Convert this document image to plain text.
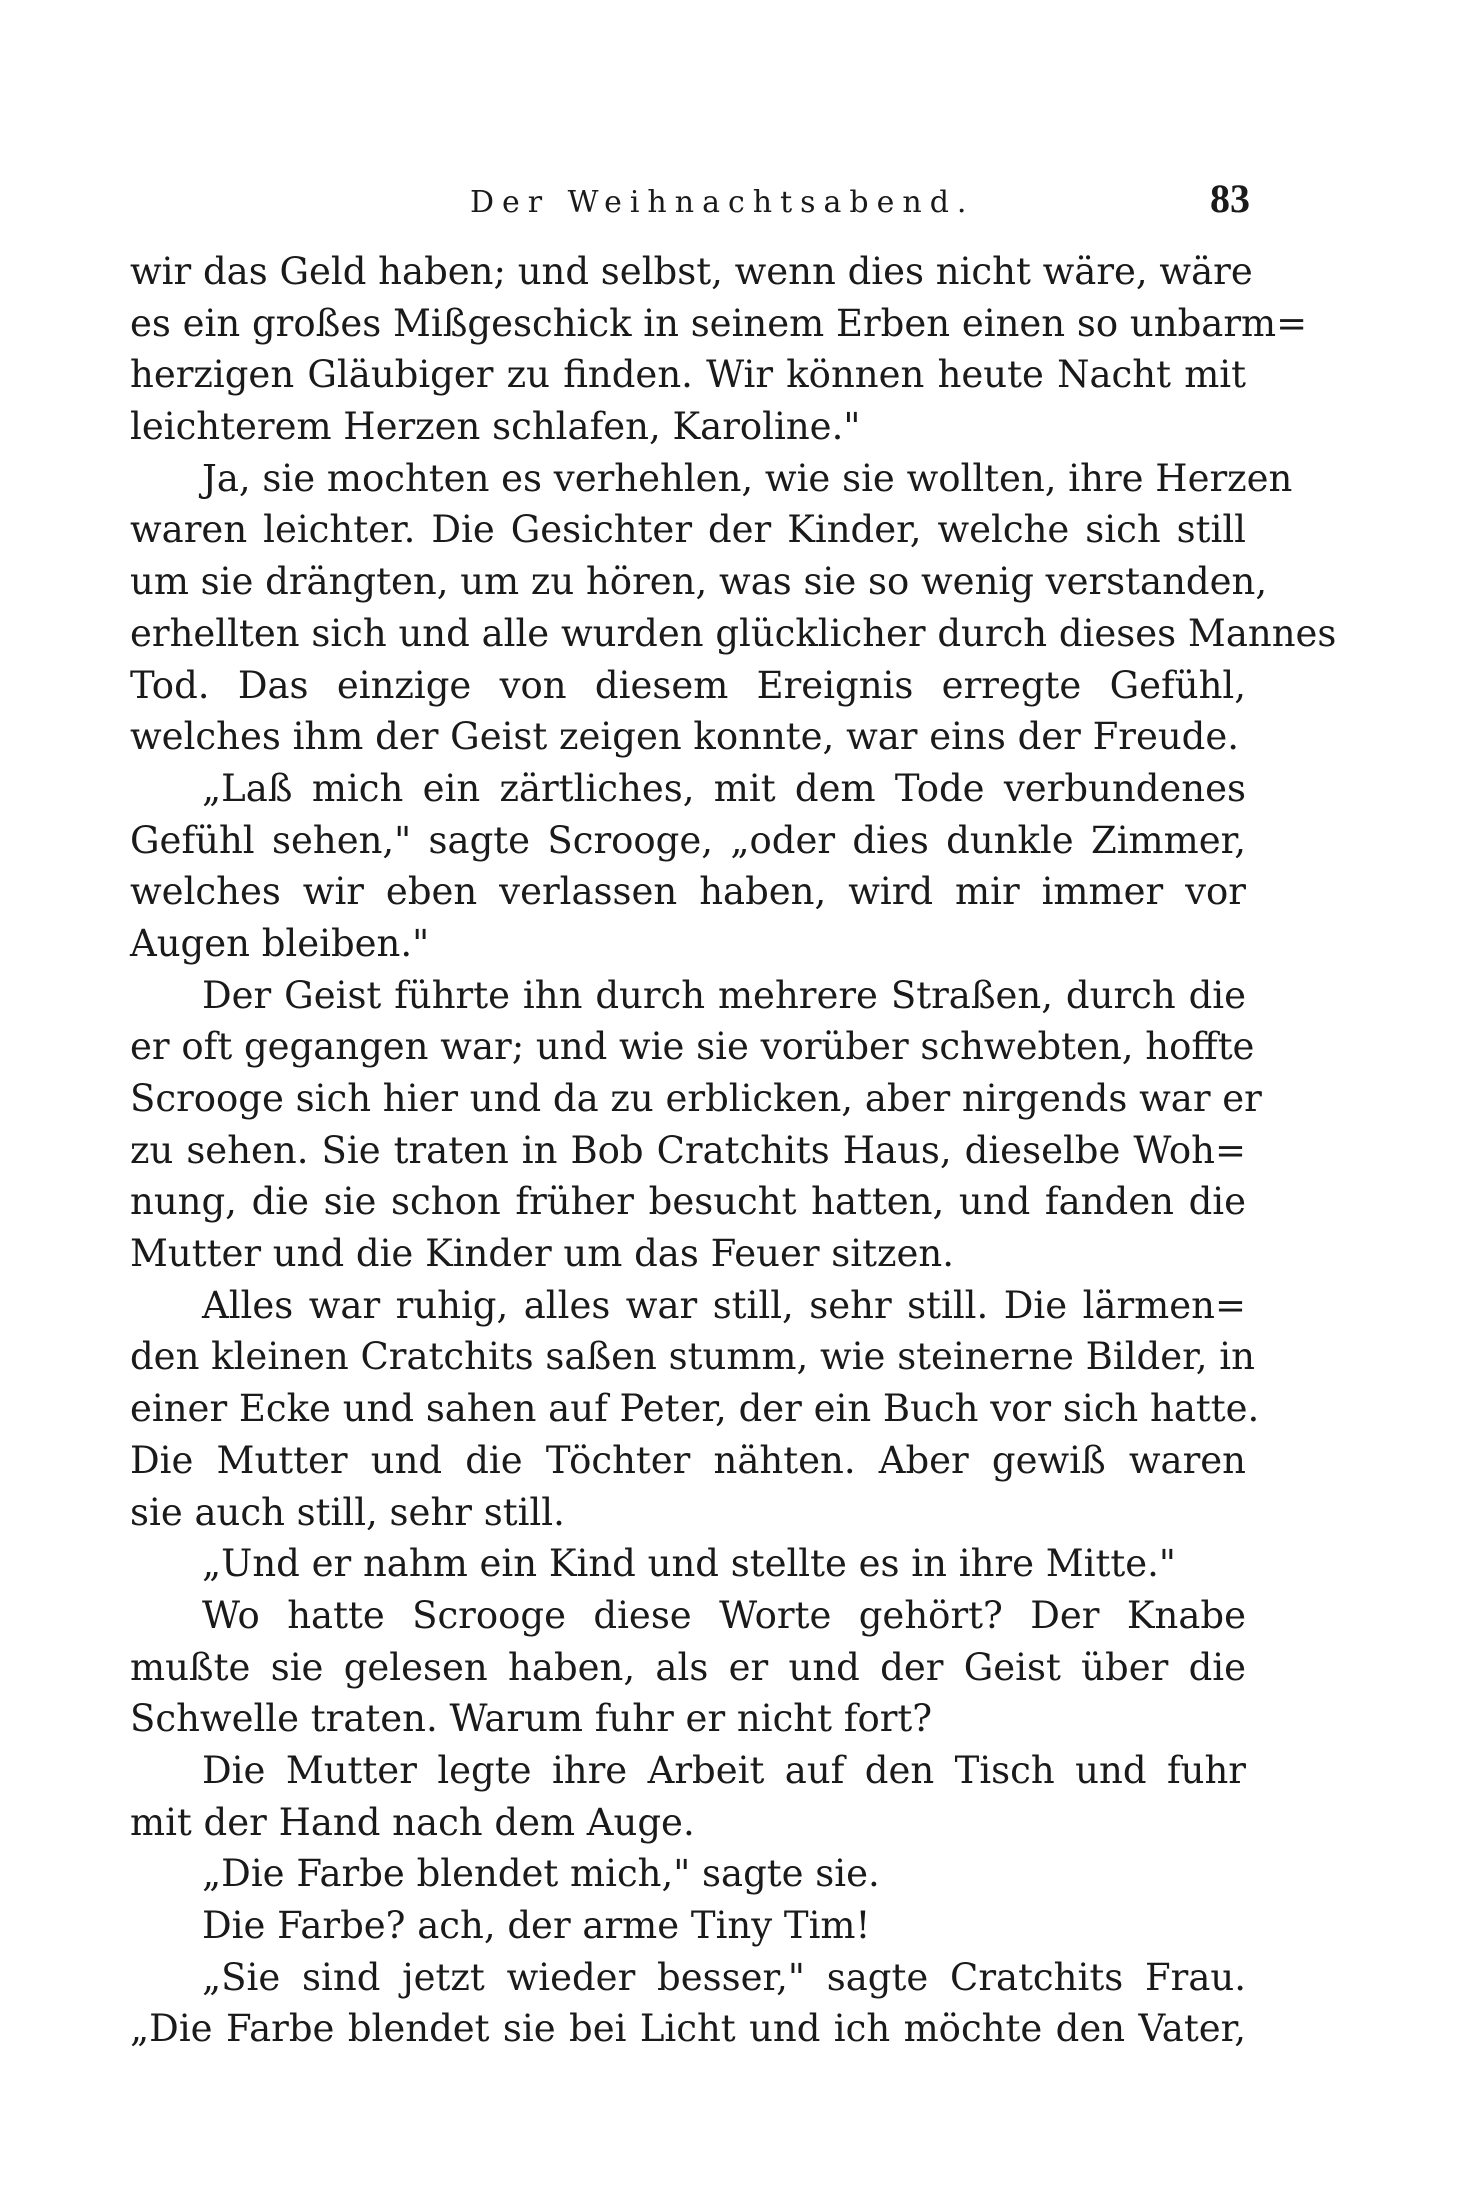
Der Weihnachtsabend.	83
wir das Geld haben; und selbst, wenn dies nicht wäre, wäre
es ein großes Mißgeschick in seinem Erben einen so unbarm=
herzigen Gläubiger zu finden. Wir können heute Nacht mit
leichterem Herzen schlafen, Karoline."
Ja, sie mochten es verhehlen, wie sie wollten, ihre Herzen
waren leichter. Die Gesichter der Kinder, welche sich still
um sie drängten, um zu hören, was sie so wenig verstanden,
erhellten sich und alle wurden glücklicher durch dieses Mannes
Tod. Das einzige von diesem Ereignis erregte Gefühl,
welches ihm der Geist zeigen konnte, war eins der Freude.
„Laß mich ein zärtliches, mit dem Tode verbundenes
Gefühl sehen," sagte Scrooge, „oder dies dunkle Zimmer,
welches wir eben verlassen haben, wird mir immer vor
Augen bleiben."
Der Geist führte ihn durch mehrere Straßen, durch die
er oft gegangen war; und wie sie vorüber schwebten, hoffte
Scrooge sich hier und da zu erblicken, aber nirgends war er
zu sehen. Sie traten in Bob Cratchits Haus, dieselbe Woh=
nung, die sie schon früher besucht hatten, und fanden die
Mutter und die Kinder um das Feuer sitzen.
Alles war ruhig, alles war still, sehr still. Die lärmen=
den kleinen Cratchits saßen stumm, wie steinerne Bilder, in
einer Ecke und sahen auf Peter, der ein Buch vor sich hatte.
Die Mutter und die Töchter nähten. Aber gewiß waren
sie auch still, sehr still.
„Und er nahm ein Kind und stellte es in ihre Mitte."
Wo hatte Scrooge diese Worte gehört? Der Knabe
mußte sie gelesen haben, als er und der Geist über die
Schwelle traten. Warum fuhr er nicht fort?
Die Mutter legte ihre Arbeit auf den Tisch und fuhr
mit der Hand nach dem Auge.
„Die Farbe blendet mich," sagte sie.
Die Farbe? ach, der arme Tiny Tim!
„Sie sind jetzt wieder besser," sagte Cratchits Frau.
„Die Farbe blendet sie bei Licht und ich möchte den Vater,
